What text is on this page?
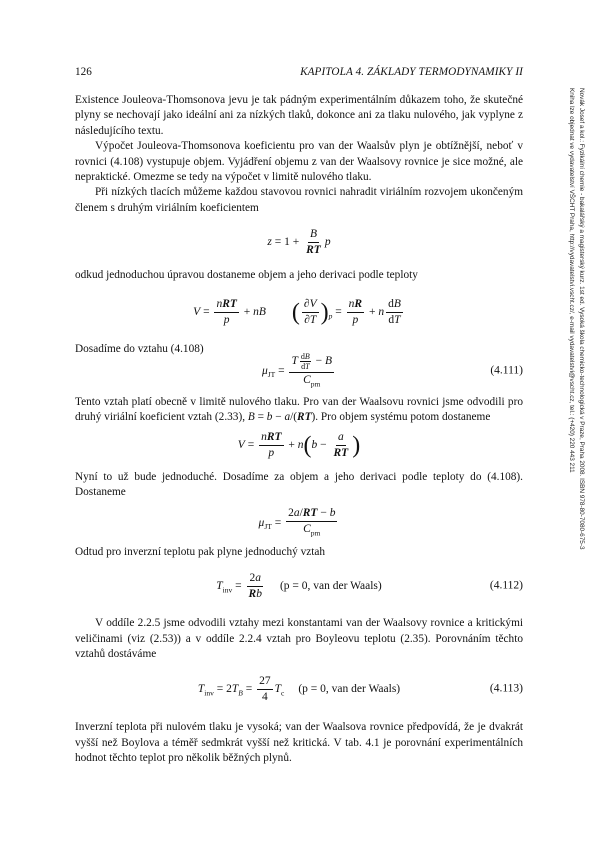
126	KAPITOLA 4. ZÁKLADY TERMODYNAMIKY II
Novák Josef a kol.: Fyzikální chemie - bakalářský a magisterský kurz. 1st ed. Vysoká škola chemicko-technologická v Praze, Praha 2008. ISBN 978-80-7080-675-3
Kniha lze objednat ve vydavatelství VŠCHT Praha, http://vydavatelstvi.vscht.cz/, e-mail vydavatelstvi@vscht.cz, tel.: (+420) 220 443 211

Existence Jouleova-Thomsonova jevu je tak pádným experimentálním důkazem toho, že skutečné plyny se nechovají jako ideální ani za nízkých tlaků, dokonce ani za tlaku nulového, jak vyplyne z následujícího textu.

Výpočet Jouleova-Thomsonova koeficientu pro van der Waalsův plyn je obtížnější, neboť v rovnici (4.108) vystupuje objem. Vyjádření objemu z van der Waalsovy rovnice je sice možné, ale nepraktické. Omezme se tedy na výpočet v limitě nulového tlaku.

Při nízkých tlacích můžeme každou stavovou rovnici nahradit viriálním rozvojem ukončeným členem s druhým viriálním koeficientem

$z = 1 + \frac{B}{RT}$ p

odkud jednoduchou úpravou dostaneme objem a jeho derivaci podle teploty

$V = \frac{\text{nRT}}{p}$ + nB ( $\frac{\partial V}{\partial T} )_p = \frac{nR}{p} + n \frac{dB}{dT}$

Dosadíme do vztahu (4.108)

$\mu_{JT} = \frac{T \frac{dB}{dT} - B}{C_{pm}}$	(4.111)

Tento vztah platí obecně v limitě nulového tlaku. Pro van der Waalsovu rovnici jsme odvodili pro druhý viriální koeficient vztah (2.33), B = b − a/(RT). Pro objem systému potom dostaneme

$V = \frac{\text{nRT}}{p} + n(b - \frac{a}{RT}$ )

Nyní to už bude jednoduché. Dosadíme za objem a jeho derivaci podle teploty do (4.108). Dostaneme

$\mu_{JT} = \frac{2a/RT - b}{C_{pm}}$

Odtud pro inverzní teplotu pak plyne jednoduchý vztah

$T_{inv} = \frac{2a}{Rb} (p = 0$, van der Waals)	(4.112)

V oddíle 2.2.5 jsme odvodili vztahy mezi konstantami van der Waalsovy rovnice a kritickými veličinami (viz (2.53)) a v oddíle 2.2.4 vztah pro Boyleovu teplotu (2.35). Porovnáním těchto vztahů dostáváme

$T_{inv} = 2T_B = \frac{27}{4} T_c$ (p = 0, van der Waals)	(4.113)

Inverzní teplota při nulovém tlaku je vysoká; van der Waalsova rovnice předpovídá, že je dvakrát vyšší než Boylova a téměř sedmkrát vyšší než kritická. V tab. 4.1 je porovnání experimentálních hodnot těchto teplot pro několik běžných plynů.
